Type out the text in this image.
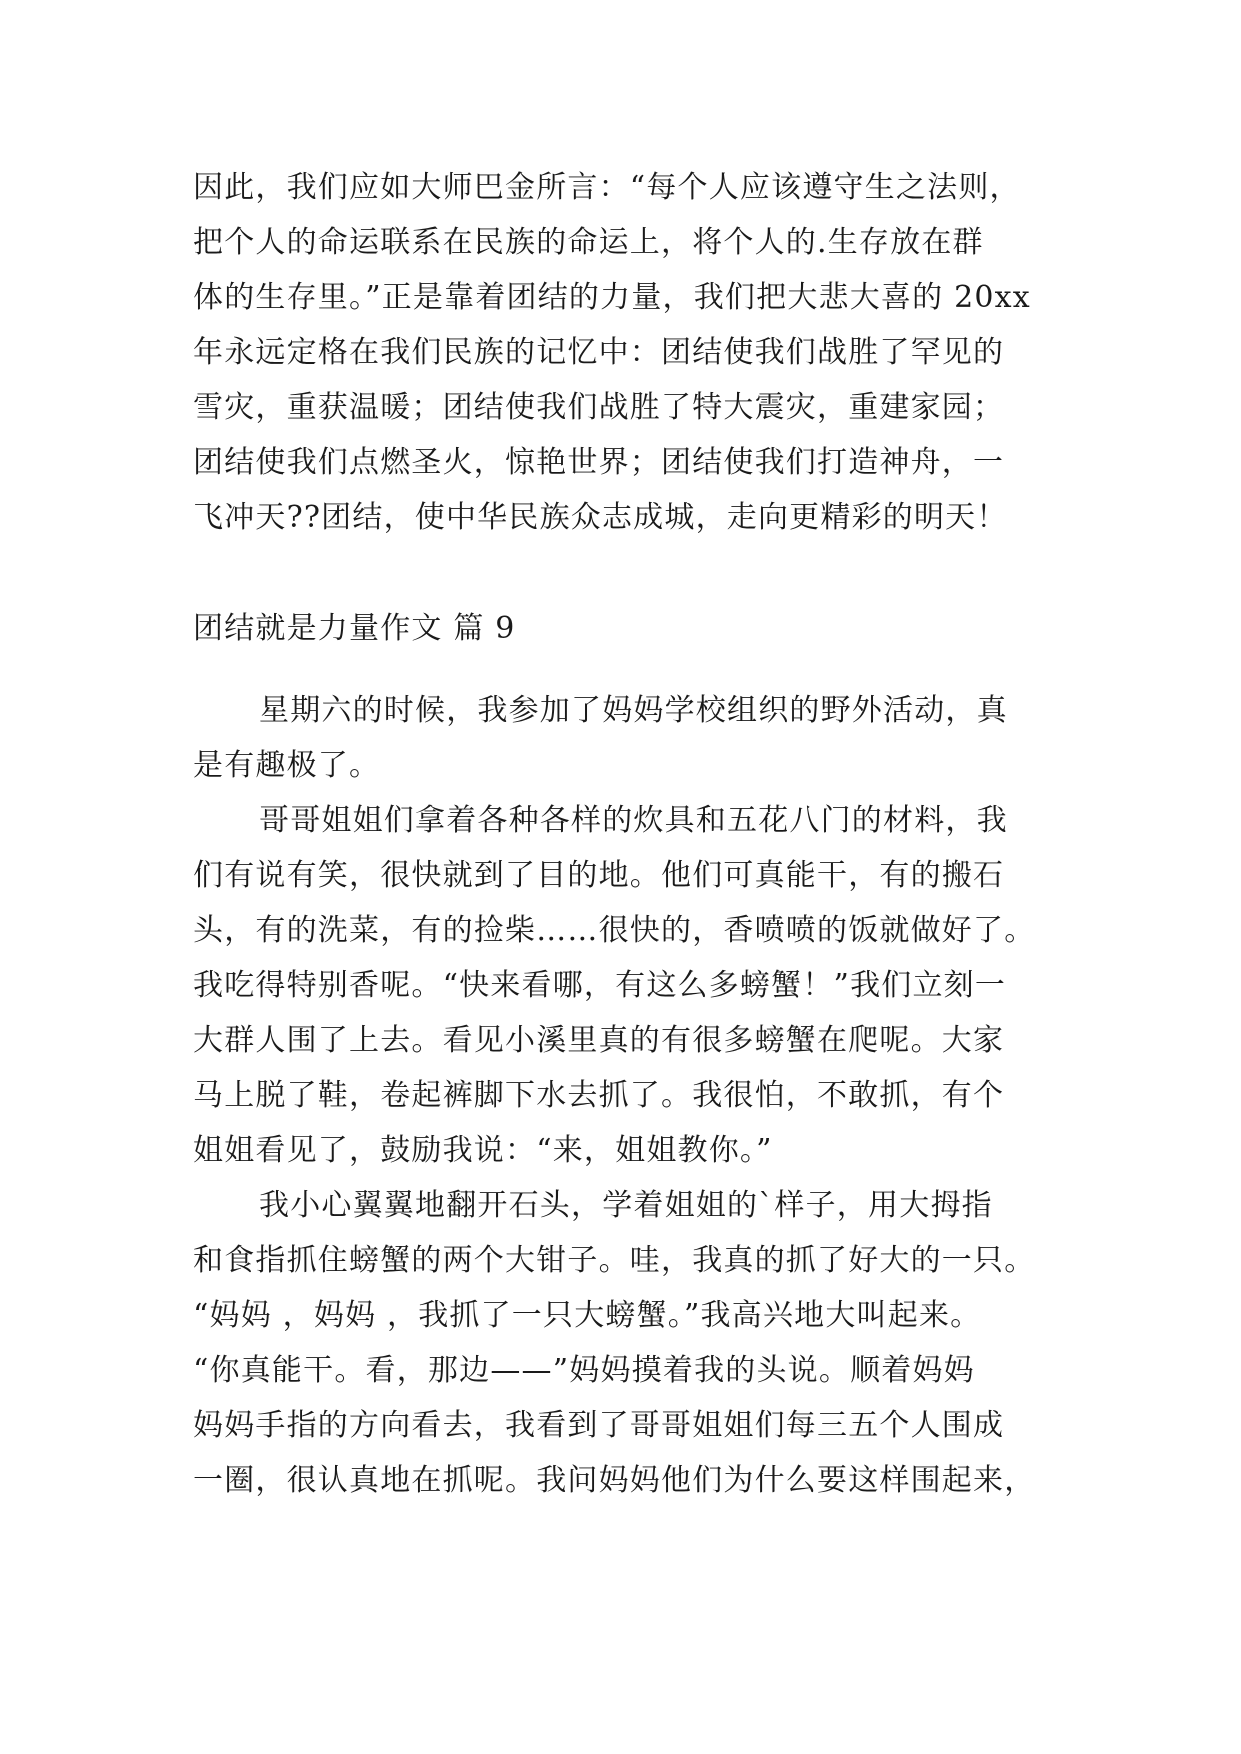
因此，我们应如大师巴金所言：“每个人应该遵守生之法则，
把个人的命运联系在民族的命运上，将个人的.生存放在群
体的生存里。”正是靠着团结的力量，我们把大悲大喜的 20xx
年永远定格在我们民族的记忆中：团结使我们战胜了罕见的
雪灾，重获温暖；团结使我们战胜了特大震灾，重建家园；
团结使我们点燃圣火，惊艳世界；团结使我们打造神舟，一
飞冲天??团结，使中华民族众志成城，走向更精彩的明天！
团结就是力量作文 篇 9
星期六的时候，我参加了妈妈学校组织的野外活动，真
是有趣极了。
哥哥姐姐们拿着各种各样的炊具和五花八门的材料，我
们有说有笑，很快就到了目的地。他们可真能干，有的搬石
头，有的洗菜，有的捡柴……很快的，香喷喷的饭就做好了。
我吃得特别香呢。“快来看哪，有这么多螃蟹！”我们立刻一
大群人围了上去。看见小溪里真的有很多螃蟹在爬呢。大家
马上脱了鞋，卷起裤脚下水去抓了。我很怕，不敢抓，有个
姐姐看见了，鼓励我说：“来，姐姐教你。”
我小心翼翼地翻开石头，学着姐姐的`样子，用大拇指
和食指抓住螃蟹的两个大钳子。哇，我真的抓了好大的一只。
“妈妈 ，妈妈 ，我抓了一只大螃蟹。”我高兴地大叫起来。
“你真能干。看，那边——”妈妈摸着我的头说。顺着妈妈
妈妈手指的方向看去，我看到了哥哥姐姐们每三五个人围成
一圈，很认真地在抓呢。我问妈妈他们为什么要这样围起来，
